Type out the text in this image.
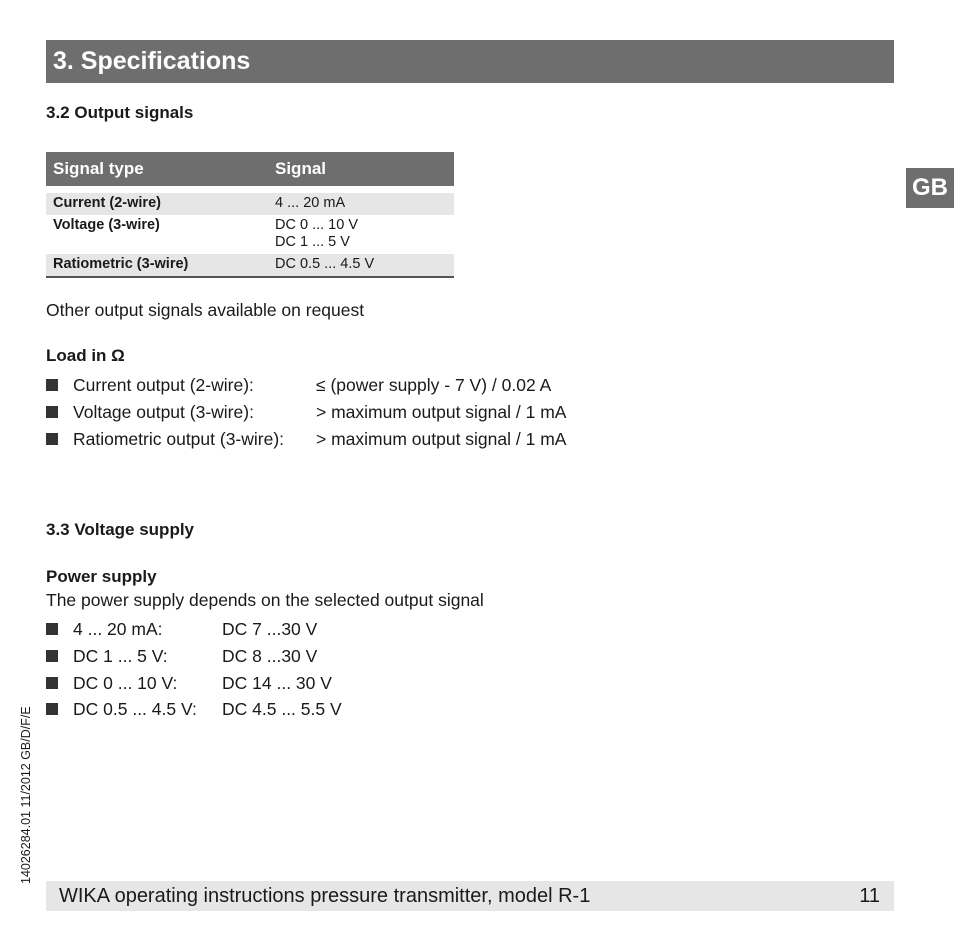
3. Specifications
GB
3.2 Output signals
Signal type	Signal

Current (2-wire)	4 ... 20 mA
Voltage (3-wire)	DC 0 ... 10 V
DC 1 ... 5 V

Ratiometric (3-wire)	DC 0.5 ... 4.5 V
Other output signals available on request
Load in Ω
Current output (2-wire):	≤ (power supply - 7 V) / 0.02 A
Voltage output (3-wire):	> maximum output signal / 1 mA
Ratiometric output (3-wire): > maximum output signal / 1 mA
3.3 Voltage supply
Power supply
The power supply depends on the selected output signal
4 ... 20 mA:	DC 7 ...30 V
DC 1 ... 5 V:	DC 8 ...30 V
DC 0 ... 10 V:	DC 14 ... 30 V
DC 0.5 ... 4.5 V: DC 4.5 ... 5.5 V
14026284.01 11/2012 GB/D/F/E
WIKA operating instructions pressure transmitter, model R-1	11
